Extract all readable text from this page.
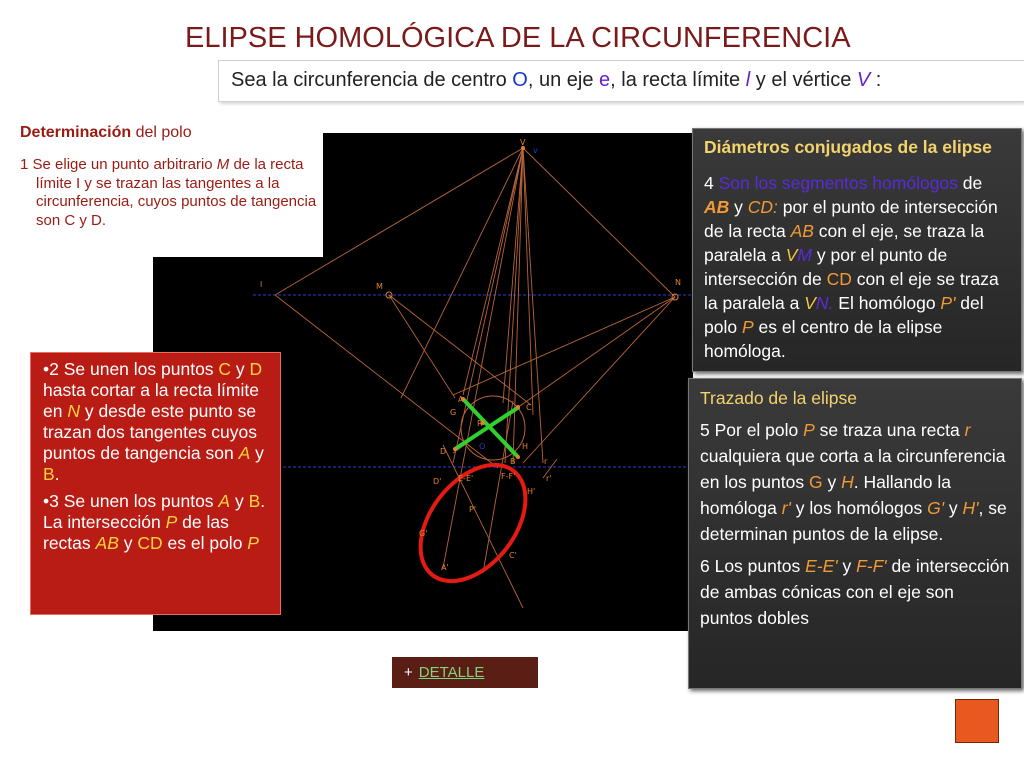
ELIPSE HOMOLÓGICA DE LA CIRCUNFERENCIA
Sea la circunferencia de centro O, un eje e, la recta límite l y el vértice V :
Determinación del polo

1 Se elige un punto arbitrario M de la recta límite I y se trazan las tangentes a la circunferencia, cuyos puntos de tangencia son C y D.

V
v
l	M	N
A
G
C
R
O	H
D
B	r
D' E-E'	F-F'	r'
H'
P'
G'
A'
C'

•2 Se unen los puntos C y D hasta cortar a la recta límite en N y desde este punto se trazan dos tangentes cuyos puntos de tangencia son A y B.

•3 Se unen los puntos A y B. La intersección P de las rectas AB y CD es el polo P

Diámetros conjugados de la elipse

4 Son los segmentos homólogos de AB y CD: por el punto de intersección de la recta AB con el eje, se traza la paralela a VM y por el punto de intersección de CD con el eje se traza la paralela a VN. El homólogo P' del polo P es el centro de la elipse homóloga.

Trazado de la elipse

5 Por el polo P se traza una recta r cualquiera que corta a la circunferencia en los puntos G y H. Hallando la homóloga r' y los homólogos G' y H', se determinan puntos de la elipse.

6 Los puntos E-E' y F-F' de intersección de ambas cónicas con el eje son puntos dobles

+ DETALLE
